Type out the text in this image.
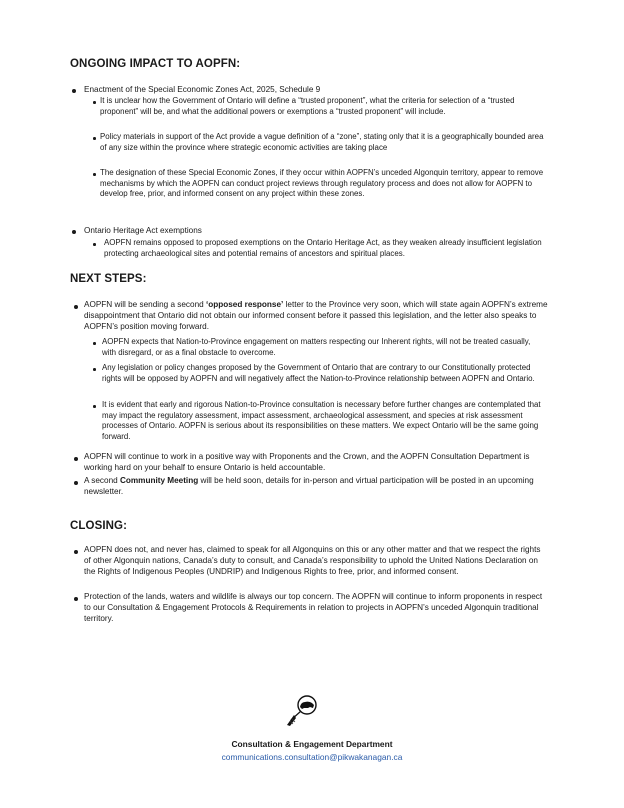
ONGOING IMPACT TO AOPFN:
Enactment of the Special Economic Zones Act, 2025, Schedule 9
It is unclear how the Government of Ontario will define a “trusted proponent”, what the criteria for selection of a “trusted proponent” will be, and what the additional powers or exemptions a “trusted proponent” will include.
Policy materials in support of the Act provide a vague definition of a “zone”, stating only that it is a geographically bounded area of any size within the province where strategic economic activities are taking place
The designation of these Special Economic Zones, if they occur within AOPFN’s unceded Algonquin territory, appear to remove mechanisms by which the AOPFN can conduct project reviews through regulatory process and does not allow for AOPFN to develop free, prior, and informed consent on any project within these zones.
Ontario Heritage Act exemptions
AOPFN remains opposed to proposed exemptions on the Ontario Heritage Act, as they weaken already insufficient legislation protecting archaeological sites and potential remains of ancestors and spiritual places.
NEXT STEPS:
AOPFN will be sending a second ‘opposed response’ letter to the Province very soon, which will state again AOPFN’s extreme disappointment that Ontario did not obtain our informed consent before it passed this legislation, and the letter also speaks to AOPFN’s position moving forward.
AOPFN expects that Nation-to-Province engagement on matters respecting our Inherent rights, will not be treated casually, with disregard, or as a final obstacle to overcome.
Any legislation or policy changes proposed by the Government of Ontario that are contrary to our Constitutionally protected rights will be opposed by AOPFN and will negatively affect the Nation-to-Province relationship between AOPFN and Ontario.
It is evident that early and rigorous Nation-to-Province consultation is necessary before further changes are contemplated that may impact the regulatory assessment, impact assessment, archaeological assessment, and species at risk assessment processes of Ontario. AOPFN is serious about its responsibilities on these matters. We expect Ontario will be the same going forward.
AOPFN will continue to work in a positive way with Proponents and the Crown, and the AOPFN Consultation Department is working hard on your behalf to ensure Ontario is held accountable.
A second Community Meeting will be held soon, details for in-person and virtual participation will be posted in an upcoming newsletter.
CLOSING:
AOPFN does not, and never has, claimed to speak for all Algonquins on this or any other matter and that we respect the rights of other Algonquin nations, Canada’s duty to consult, and Canada’s responsibility to uphold the United Nations Declaration on the Rights of Indigenous Peoples (UNDRIP) and Indigenous Rights to free, prior, and informed consent.
Protection of the lands, waters and wildlife is always our top concern. The AOPFN will continue to inform proponents in respect to our Consultation & Engagement Protocols & Requirements in relation to projects in AOPFN’s unceded Algonquin traditional territory.
Consultation & Engagement Department
communications.consultation@pikwakanagan.ca
